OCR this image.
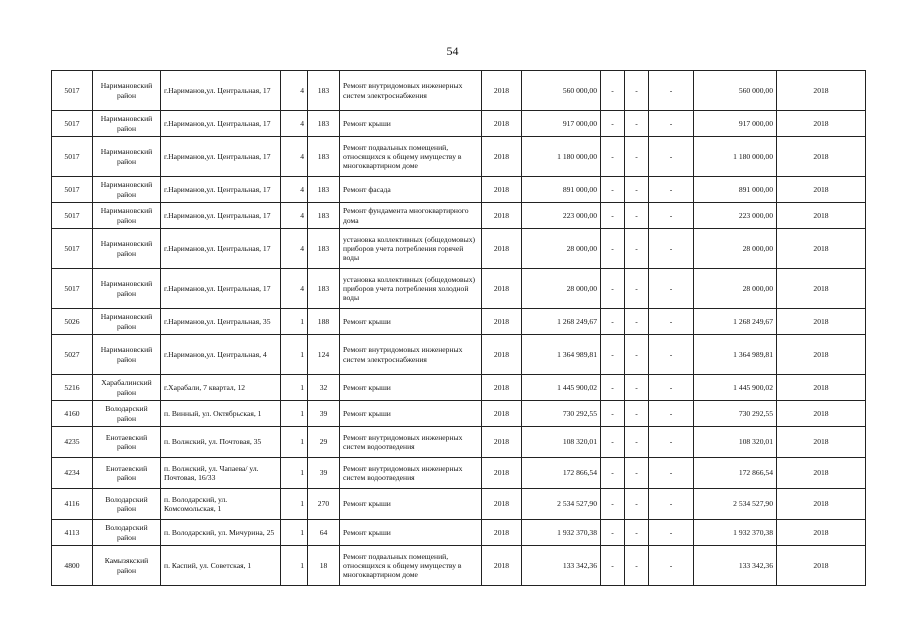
54
5017	Наримановский район	г.Нариманов,ул. Центральная, 17	4	183	Ремонт внутридомовых инженерных систем электроснабжения	2018	560 000,00	-	-	-	560 000,00	2018
5017	Наримановский район	г.Нариманов,ул. Центральная, 17	4	183	Ремонт крыши	2018	917 000,00	-	-	-	917 000,00	2018
5017	Наримановский район	г.Нариманов,ул. Центральная, 17	4	183	Ремонт подвальных помещений, относящихся к общему имуществу в многоквартирном доме	2018	1 180 000,00	-	-	-	1 180 000,00	2018
5017	Наримановский район	г.Нариманов,ул. Центральная, 17	4	183	Ремонт фасада	2018	891 000,00	-	-	-	891 000,00	2018
5017	Наримановский район	г.Нариманов,ул. Центральная, 17	4	183	Ремонт фундамента многоквартирного дома	2018	223 000,00	-	-	-	223 000,00	2018
5017	Наримановский район	г.Нариманов,ул. Центральная, 17	4	183	установка коллективных (общедомовых) приборов учета потребления горячей воды	2018	28 000,00	-	-	-	28 000,00	2018
5017	Наримановский район	г.Нариманов,ул. Центральная, 17	4	183	установка коллективных (общедомовых) приборов учета потребления холодной воды	2018	28 000,00	-	-	-	28 000,00	2018
5026	Наримановский район	г.Нариманов,ул. Центральная, 35	1	188	Ремонт крыши	2018	1 268 249,67	-	-	-	1 268 249,67	2018
5027	Наримановский район	г.Нариманов,ул. Центральная, 4	1	124	Ремонт внутридомовых инженерных систем электроснабжения	2018	1 364 989,81	-	-	-	1 364 989,81	2018
5216	Харабалинский район	г.Харабали, 7 квартал, 12	1	32	Ремонт крыши	2018	1 445 900,02	-	-	-	1 445 900,02	2018
4160	Володарский район	п. Винный, ул. Октябрьская, 1	1	39	Ремонт крыши	2018	730 292,55	-	-	-	730 292,55	2018
4235	Енотаевский район	п. Волжский, ул. Почтовая, 35	1	29	Ремонт внутридомовых инженерных систем водоотведения	2018	108 320,01	-	-	-	108 320,01	2018
4234	Енотаевский район	п. Волжский, ул. Чапаева/ ул. Почтовая, 16/33	1	39	Ремонт внутридомовых инженерных систем водоотведения	2018	172 866,54	-	-	-	172 866,54	2018
4116	Володарский район	п. Володарский, ул. Комсомольская, 1	1	270	Ремонт крыши	2018	2 534 527,90	-	-	-	2 534 527,90	2018
4113	Володарский район	п. Володарский, ул. Мичурина, 25	1	64	Ремонт крыши	2018	1 932 370,38	-	-	-	1 932 370,38	2018
4800	Камызякский район	п. Каспий, ул. Советская, 1	1	18	Ремонт подвальных помещений, относящихся к общему имуществу в многоквартирном доме	2018	133 342,36	-	-	-	133 342,36	2018
